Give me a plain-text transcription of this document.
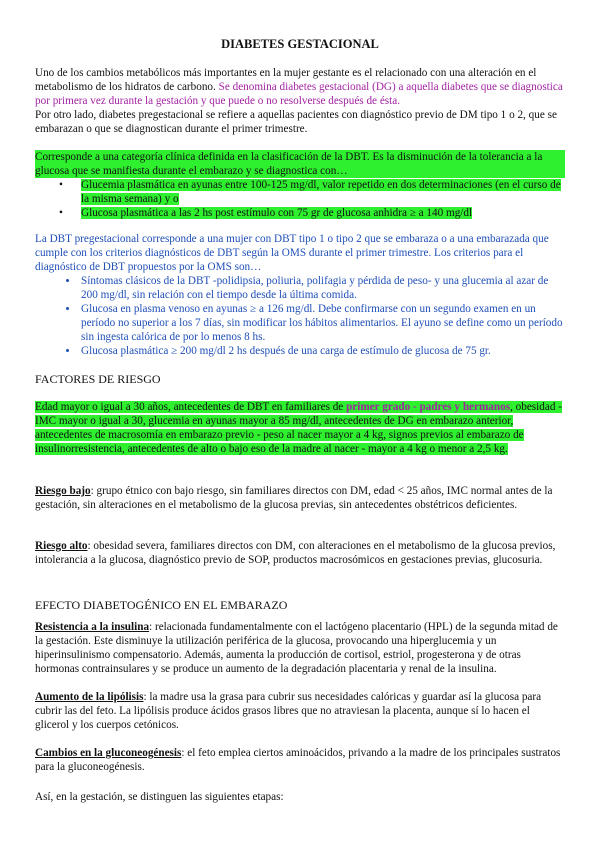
DIABETES GESTACIONAL
Uno de los cambios metabólicos más importantes en la mujer gestante es el relacionado con una alteración en el metabolismo de los hidratos de carbono. Se denomina diabetes gestacional (DG) a aquella diabetes que se diagnostica por primera vez durante la gestación y que puede o no resolverse después de ésta.
Por otro lado, diabetes pregestacional se refiere a aquellas pacientes con diagnóstico previo de DM tipo 1 o 2, que se embarazan o que se diagnostican durante el primer trimestre.
Corresponde a una categoría clínica definida en la clasificación de la DBT. Es la disminución de la tolerancia a la glucosa que se manifiesta durante el embarazo y se diagnostica con…
• Glucemia plasmática en ayunas entre 100-125 mg/dl, valor repetido en dos determinaciones (en el curso de la misma semana) y o
• Glucosa plasmática a las 2 hs post estímulo con 75 gr de glucosa anhidra ≥ a 140 mg/dl
La DBT pregestacional corresponde a una mujer con DBT tipo 1 o tipo 2 que se embaraza o a una embarazada que cumple con los criterios diagnósticos de DBT según la OMS durante el primer trimestre. Los criterios para el diagnóstico de DBT propuestos por la OMS son…
• Síntomas clásicos de la DBT -polidipsia, poliuria, polifagia y pérdida de peso- y una glucemia al azar de 200 mg/dl, sin relación con el tiempo desde la última comida.
• Glucosa en plasma venoso en ayunas ≥ a 126 mg/dl. Debe confirmarse con un segundo examen en un período no superior a los 7 días, sin modificar los hábitos alimentarios. El ayuno se define como un período sin ingesta calórica de por lo menos 8 hs.
• Glucosa plasmática ≥ 200 mg/dl 2 hs después de una carga de estímulo de glucosa de 75 gr.
FACTORES DE RIESGO
Edad mayor o igual a 30 años, antecedentes de DBT en familiares de primer grado - padres y hermanos, obesidad - IMC mayor o igual a 30, glucemia en ayunas mayor a 85 mg/dl, antecedentes de DG en embarazo anterior, antecedentes de macrosomía en embarazo previo - peso al nacer mayor a 4 kg, signos previos al embarazo de insulinorresistencia, antecedentes de alto o bajo eso de la madre al nacer - mayor a 4 kg o menor a 2,5 kg.
Riesgo bajo: grupo étnico con bajo riesgo, sin familiares directos con DM, edad < 25 años, IMC normal antes de la gestación, sin alteraciones en el metabolismo de la glucosa previas, sin antecedentes obstétricos deficientes.
Riesgo alto: obesidad severa, familiares directos con DM, con alteraciones en el metabolismo de la glucosa previos, intolerancia a la glucosa, diagnóstico previo de SOP, productos macrosómicos en gestaciones previas, glucosuria.
EFECTO DIABETOGÉNICO EN EL EMBARAZO
Resistencia a la insulina: relacionada fundamentalmente con el lactógeno placentario (HPL) de la segunda mitad de la gestación. Este disminuye la utilización periférica de la glucosa, provocando una hiperglucemia y un hiperinsulinismo compensatorio. Además, aumenta la producción de cortisol, estriol, progesterona y de otras hormonas contrainsulares y se produce un aumento de la degradación placentaria y renal de la insulina.
Aumento de la lipólisis: la madre usa la grasa para cubrir sus necesidades calóricas y guardar así la glucosa para cubrir las del feto. La lipólisis produce ácidos grasos libres que no atraviesan la placenta, aunque sí lo hacen el glicerol y los cuerpos cetónicos.
Cambios en la gluconeogénesis: el feto emplea ciertos aminoácidos, privando a la madre de los principales sustratos para la gluconeogénesis.
Así, en la gestación, se distinguen las siguientes etapas:
